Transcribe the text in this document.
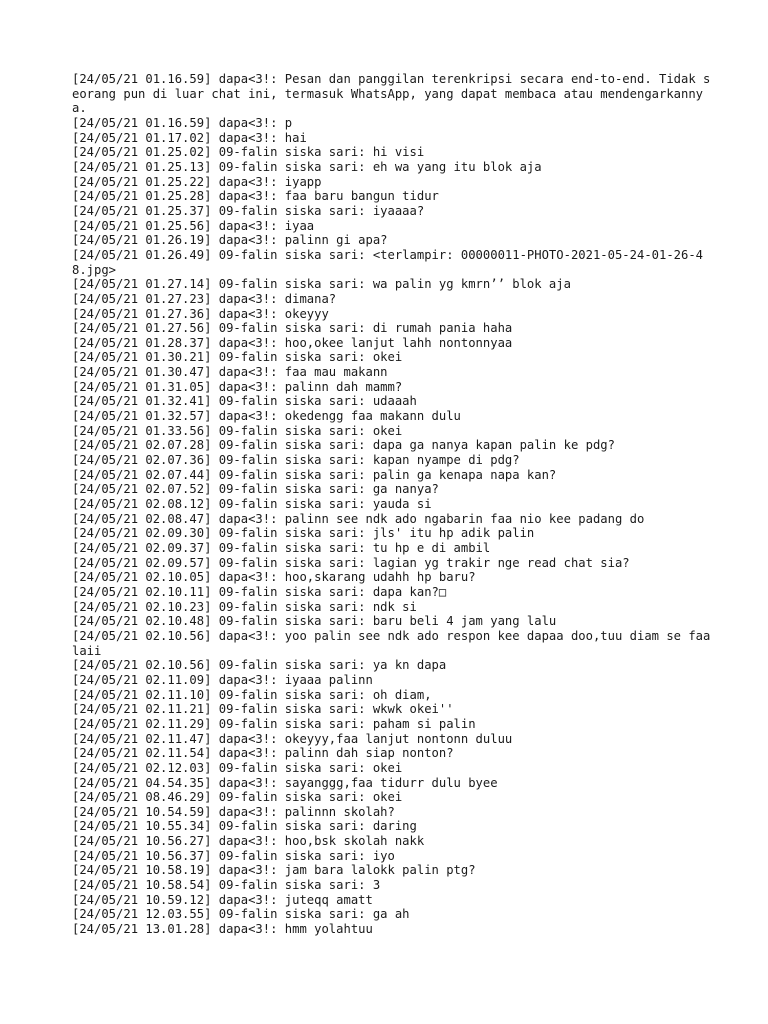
[24/05/21 01.16.59] dapa<3!: Pesan dan panggilan terenkripsi secara end-to-end. Tidak seorang pun di luar chat ini, termasuk WhatsApp, yang dapat membaca atau mendengarkannya.
[24/05/21 01.16.59] dapa<3!: p
[24/05/21 01.17.02] dapa<3!: hai
[24/05/21 01.25.02] 09-falin siska sari: hi visi
[24/05/21 01.25.13] 09-falin siska sari: eh wa yang itu blok aja
[24/05/21 01.25.22] dapa<3!: iyapp
[24/05/21 01.25.28] dapa<3!: faa baru bangun tidur
[24/05/21 01.25.37] 09-falin siska sari: iyaaaa?
[24/05/21 01.25.56] dapa<3!: iyaa
[24/05/21 01.26.19] dapa<3!: palinn gi apa?
[24/05/21 01.26.49] 09-falin siska sari: <terlampir: 00000011-PHOTO-2021-05-24-01-26-48.jpg>
[24/05/21 01.27.14] 09-falin siska sari: wa palin yg kmrn’’ blok aja
[24/05/21 01.27.23] dapa<3!: dimana?
[24/05/21 01.27.36] dapa<3!: okeyyy
[24/05/21 01.27.56] 09-falin siska sari: di rumah pania haha
[24/05/21 01.28.37] dapa<3!: hoo,okee lanjut lahh nontonnyaa
[24/05/21 01.30.21] 09-falin siska sari: okei
[24/05/21 01.30.47] dapa<3!: faa mau makann
[24/05/21 01.31.05] dapa<3!: palinn dah mamm?
[24/05/21 01.32.41] 09-falin siska sari: udaaah
[24/05/21 01.32.57] dapa<3!: okedengg faa makann dulu
[24/05/21 01.33.56] 09-falin siska sari: okei
[24/05/21 02.07.28] 09-falin siska sari: dapa ga nanya kapan palin ke pdg?
[24/05/21 02.07.36] 09-falin siska sari: kapan nyampe di pdg?
[24/05/21 02.07.44] 09-falin siska sari: palin ga kenapa napa kan?
[24/05/21 02.07.52] 09-falin siska sari: ga nanya?
[24/05/21 02.08.12] 09-falin siska sari: yauda si
[24/05/21 02.08.47] dapa<3!: palinn see ndk ado ngabarin faa nio kee padang do
[24/05/21 02.09.30] 09-falin siska sari: jls' itu hp adik palin
[24/05/21 02.09.37] 09-falin siska sari: tu hp e di ambil
[24/05/21 02.09.57] 09-falin siska sari: lagian yg trakir nge read chat sia?
[24/05/21 02.10.05] dapa<3!: hoo,skarang udahh hp baru?
[24/05/21 02.10.11] 09-falin siska sari: dapa kan?□
[24/05/21 02.10.23] 09-falin siska sari: ndk si
[24/05/21 02.10.48] 09-falin siska sari: baru beli 4 jam yang lalu
[24/05/21 02.10.56] dapa<3!: yoo palin see ndk ado respon kee dapaa doo,tuu diam se faa laii
[24/05/21 02.10.56] 09-falin siska sari: ya kn dapa
[24/05/21 02.11.09] dapa<3!: iyaaa palinn
[24/05/21 02.11.10] 09-falin siska sari: oh diam,
[24/05/21 02.11.21] 09-falin siska sari: wkwk okei''
[24/05/21 02.11.29] 09-falin siska sari: paham si palin
[24/05/21 02.11.47] dapa<3!: okeyyy,faa lanjut nontonn duluu
[24/05/21 02.11.54] dapa<3!: palinn dah siap nonton?
[24/05/21 02.12.03] 09-falin siska sari: okei
[24/05/21 04.54.35] dapa<3!: sayanggg,faa tidurr dulu byee
[24/05/21 08.46.29] 09-falin siska sari: okei
[24/05/21 10.54.59] dapa<3!: palinnn skolah?
[24/05/21 10.55.34] 09-falin siska sari: daring
[24/05/21 10.56.27] dapa<3!: hoo,bsk skolah nakk
[24/05/21 10.56.37] 09-falin siska sari: iyo
[24/05/21 10.58.19] dapa<3!: jam bara lalokk palin ptg?
[24/05/21 10.58.54] 09-falin siska sari: 3
[24/05/21 10.59.12] dapa<3!: juteqq amatt
[24/05/21 12.03.55] 09-falin siska sari: ga ah
[24/05/21 13.01.28] dapa<3!: hmm yolahtuu
